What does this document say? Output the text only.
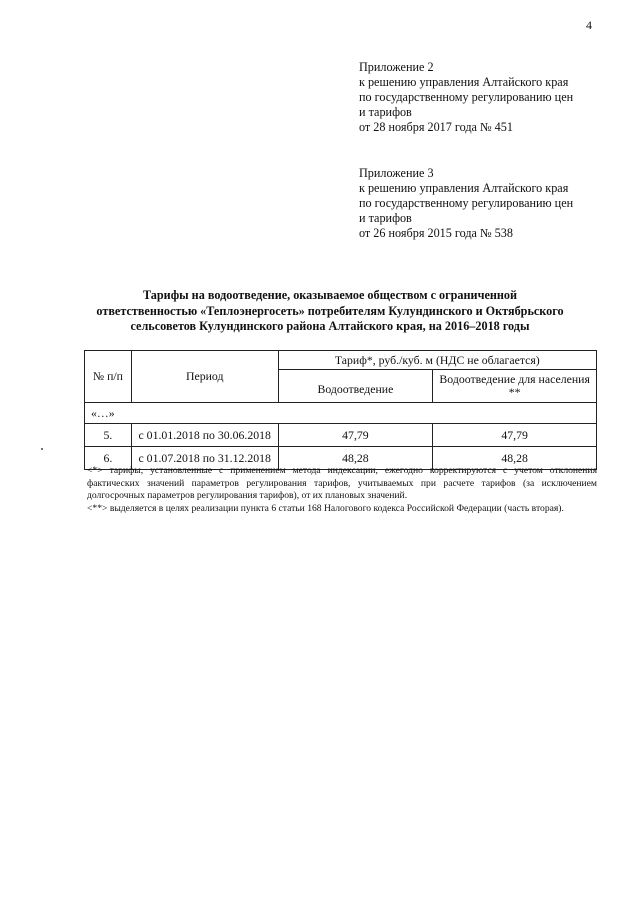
4
Приложение 2
к решению управления Алтайского края
по государственному регулированию цен
и тарифов
от 28 ноября 2017 года № 451
Приложение 3
к решению управления Алтайского края
по государственному регулированию цен
и тарифов
от 26 ноября 2015 года № 538
Тарифы на водоотведение, оказываемое обществом с ограниченной
ответственностью «Теплоэнергосеть» потребителям Кулундинского и Октябрьского
сельсоветов Кулундинского района Алтайского края, на 2016–2018 годы
№ п/п	Период	Тариф*, руб./куб. м (НДС не облагается)	
		Водоотведение	Водоотведение для населения
**

«…»			
5.	с 01.01.2018 по 30.06.2018	47,79	47,79
6.	с 01.07.2018 по 31.12.2018	48,28	48,28

<*> тарифы, установленные с применением метода индексации, ежегодно корректируются с учетом отклонения фактических значений параметров регулирования тарифов, учитываемых при расчете тарифов (за исключением долгосрочных параметров регулирования тарифов), от их плановых значений.

<**> выделяется в целях реализации пункта 6 статьи 168 Налогового кодекса Российской Федерации (часть вторая).
